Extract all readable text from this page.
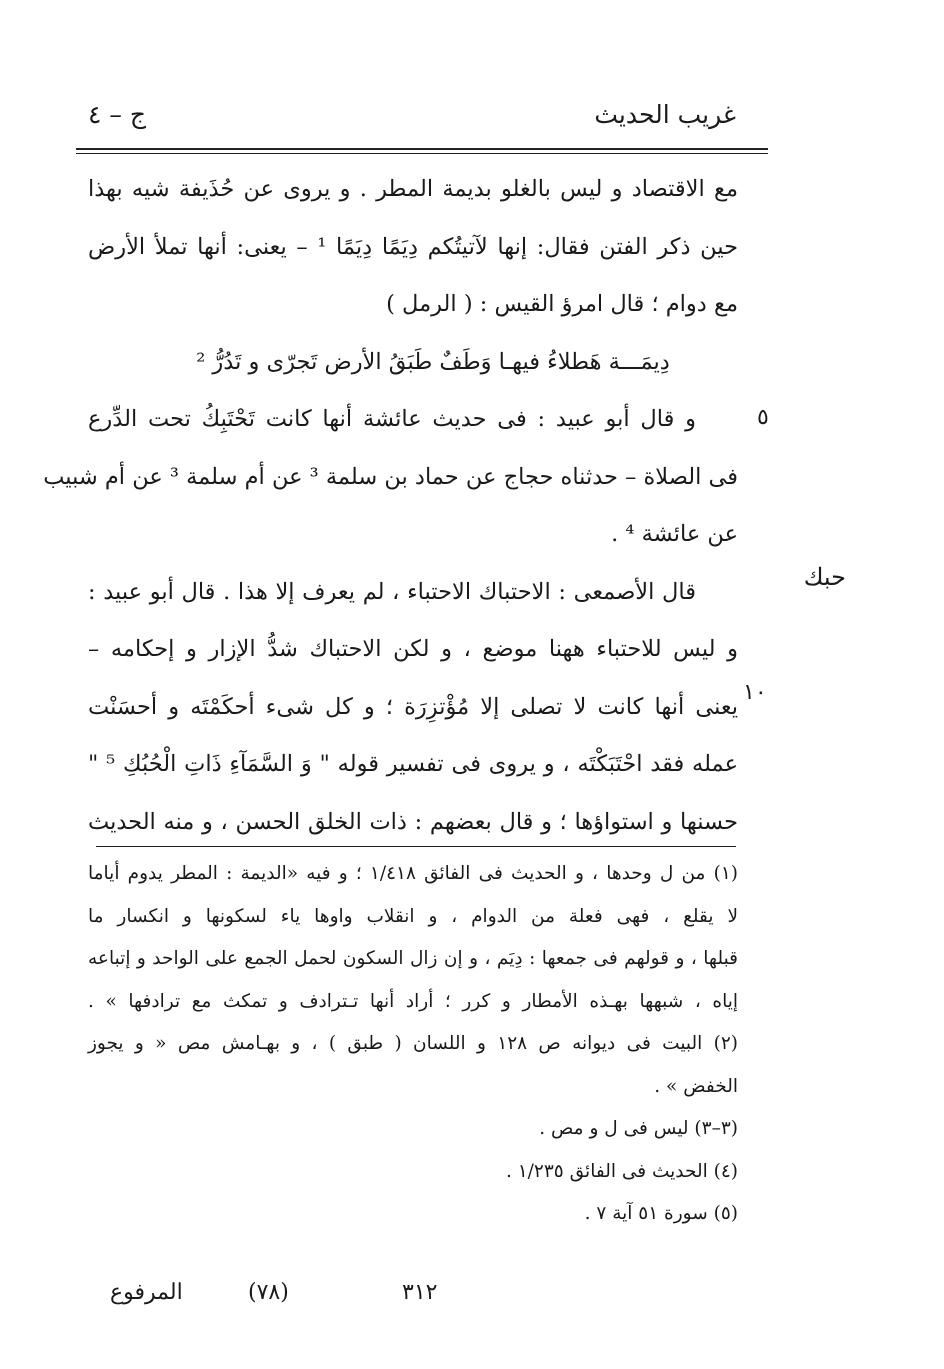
غريب الحديث
ج – ٤
مع الاقتصاد و ليس بالغلو بديمة المطر . و يروى عن حُذَيفة شيه بهذا
حين ذكر الفتن فقال: إنها لآتيتُكم دِيَمًا دِيَمًا ¹ – يعنى: أنها تملأ الأرض
مع دوام ؛ قال امرؤ القيس : ( الرمل )
دِيمَـــة هَطلاءُ فيهـا وَطَفٌ طَبَقُ الأرض تَجرّى و تَدُرُّ ²
و قال أبو عبيد : فى حديث عائشة أنها كانت تَحْتَبِكُ تحت الدِّرع
فى الصلاة – حدثناه حجاج عن حماد بن سلمة ³ عن أم سلمة ³ عن أم شبيب
عن عائشة ⁴ .
قال الأصمعى : الاحتباك الاحتباء ، لم يعرف إلا هذا . قال أبو عبيد :
و ليس للاحتباء ههنا موضع ، و لكن الاحتباك شدُّ الإزار و إحكامه –
يعنى أنها كانت لا تصلى إلا مُؤْتزِرَة ؛ و كل شىء أحكَمْتَه و أحسَنْت
عمله فقد احْتَبَكْتَه ، و يروى فى تفسير قوله " وَ السَّمَآءِ ذَاتِ الْحُبُكِ ⁵ "
حسنها و استواؤها ؛ و قال بعضهم : ذات الخلق الحسن ، و منه الحديث
٥
١٠
حبك
(١) من ل وحدها ، و الحديث فى الفائق ١/٤١٨ ؛ و فيه «الديمة : المطر يدوم أياما
لا يقلع ، فهى فعلة من الدوام ، و انقلاب واوها ياء لسكونها و انكسار ما
قبلها ، و قولهم فى جمعها : دِيَم ، و إن زال السكون لحمل الجمع على الواحد و إتباعه
إياه ، شبهها بهـذه الأمطار و كرر ؛ أراد أنها تـترادف و تمكث مع ترادفها » .
(٢) البيت فى ديوانه ص ١٢٨ و اللسان ( طبق ) ، و بهـامش مص « و يجوز
الخفض » .
(٣–٣) ليس فى ل و مص .
(٤) الحديث فى الفائق ١/٢٣٥ .
(٥) سورة ٥١ آية ٧ .
المرفوع	(٧٨)	٣١٢
